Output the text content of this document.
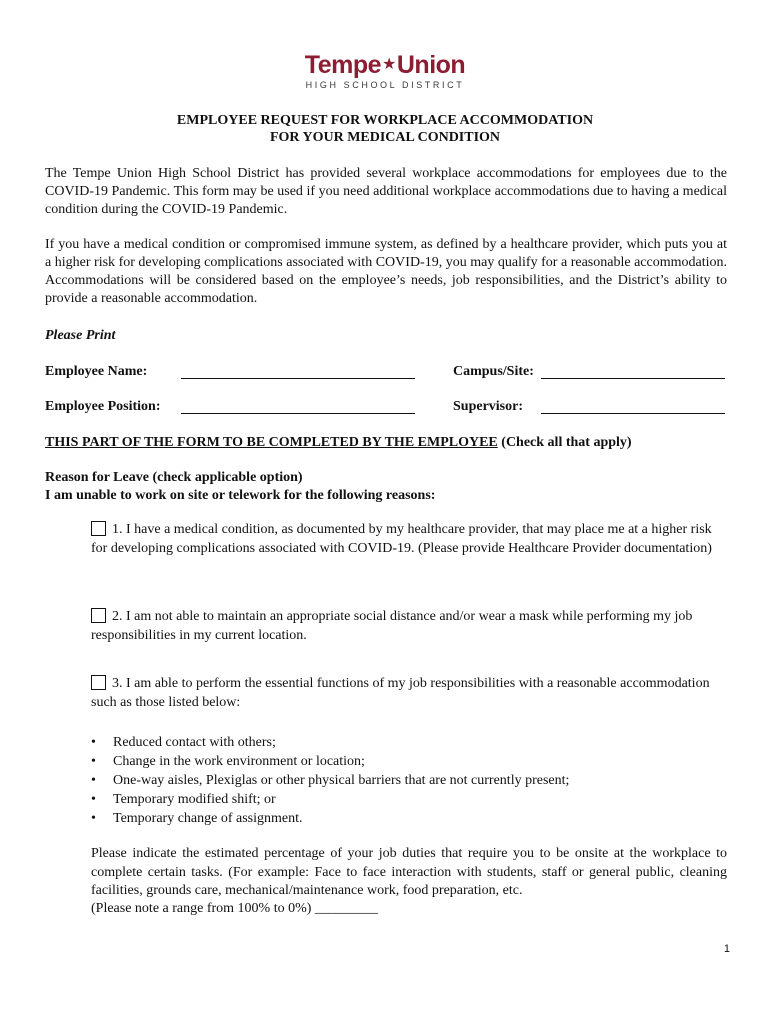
Tempe★Union
HIGH SCHOOL DISTRICT
EMPLOYEE REQUEST FOR WORKPLACE ACCOMMODATION
FOR YOUR MEDICAL CONDITION
The Tempe Union High School District has provided several workplace accommodations for employees due to the COVID-19 Pandemic. This form may be used if you need additional workplace accommodations due to having a medical condition during the COVID-19 Pandemic.
If you have a medical condition or compromised immune system, as defined by a healthcare provider, which puts you at a higher risk for developing complications associated with COVID-19, you may qualify for a reasonable accommodation. Accommodations will be considered based on the employee’s needs, job responsibilities, and the District’s ability to provide a reasonable accommodation.
Please Print
Employee Name:	Campus/Site:
Employee Position:	Supervisor:
THIS PART OF THE FORM TO BE COMPLETED BY THE EMPLOYEE (Check all that apply)
Reason for Leave (check applicable option)
I am unable to work on site or telework for the following reasons:
1. I have a medical condition, as documented by my healthcare provider, that may place me at a higher risk for developing complications associated with COVID-19. (Please provide Healthcare Provider documentation)
2. I am not able to maintain an appropriate social distance and/or wear a mask while performing my job responsibilities in my current location.
3. I am able to perform the essential functions of my job responsibilities with a reasonable accommodation such as those listed below:
• Reduced contact with others;
• Change in the work environment or location;
• One-way aisles, Plexiglas or other physical barriers that are not currently present;
• Temporary modified shift; or
• Temporary change of assignment.
Please indicate the estimated percentage of your job duties that require you to be onsite at the workplace to complete certain tasks. (For example: Face to face interaction with students, staff or general public, cleaning facilities, grounds care, mechanical/maintenance work, food preparation, etc.
(Please note a range from 100% to 0%) _________
1
